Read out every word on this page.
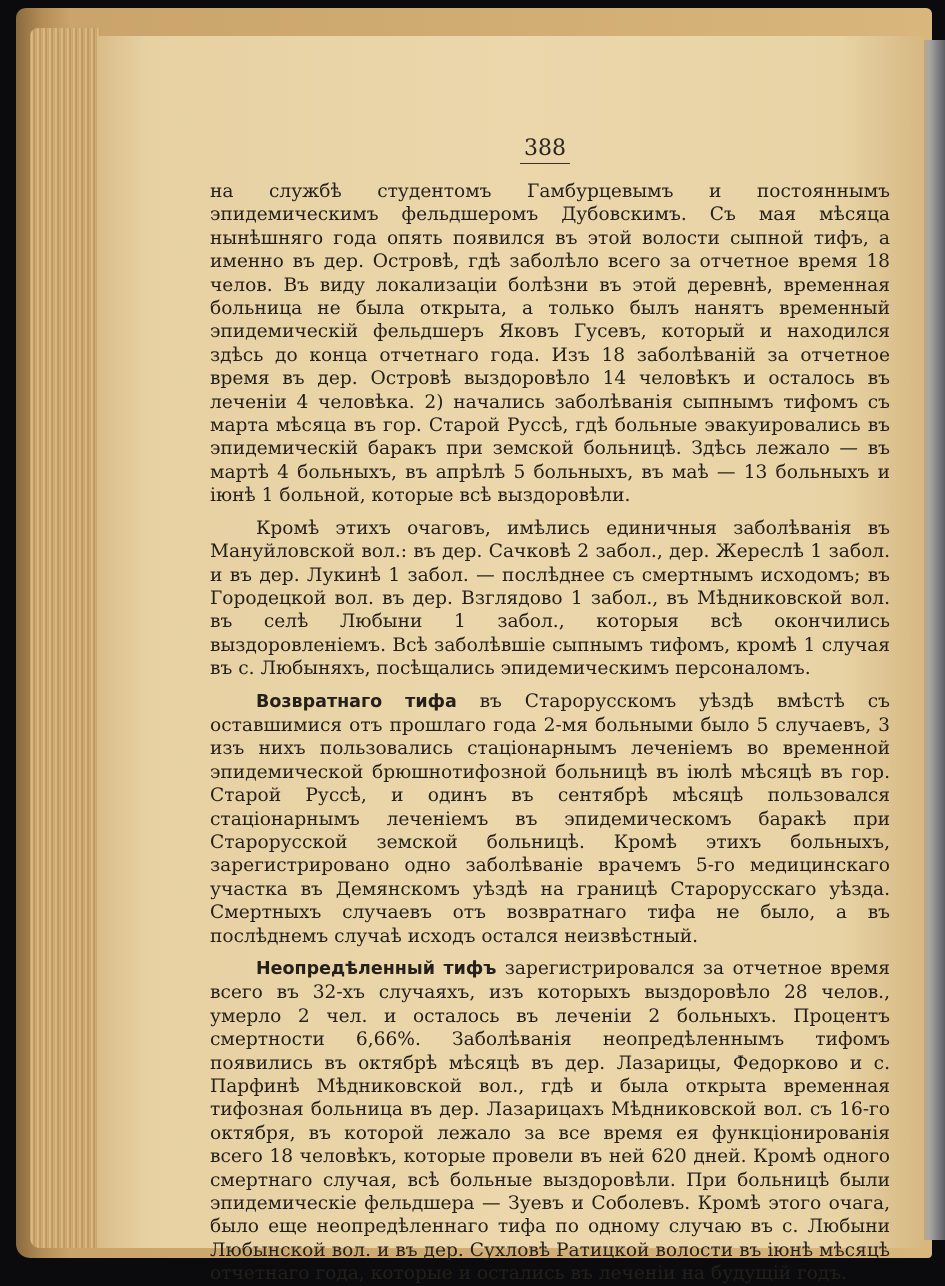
388

на службѣ студентомъ Гамбурцевымъ и постояннымъ эпидемическимъ фельдшеромъ Дубовскимъ. Съ мая мѣсяца нынѣшняго года опять появился въ этой волости сыпной тифъ, а именно въ дер. Островѣ, гдѣ заболѣло всего за отчетное время 18 челов. Въ виду локализаціи болѣзни въ этой деревнѣ, временная больница не была открыта, а только былъ нанятъ временный эпидемическій фельдшеръ Яковъ Гусевъ, который и находился здѣсь до конца отчетнаго года. Изъ 18 заболѣваній за отчетное время въ дер. Островѣ выздоровѣло 14 человѣкъ и осталось въ леченіи 4 человѣка. 2) начались заболѣванія сыпнымъ тифомъ съ марта мѣсяца въ гор. Старой Руссѣ, гдѣ больные эвакуировались въ эпидемическій баракъ при земской больницѣ. Здѣсь лежало — въ мартѣ 4 больныхъ, въ апрѣлѣ 5 больныхъ, въ маѣ — 13 больныхъ и іюнѣ 1 больной, которые всѣ выздоровѣли.

Кромѣ этихъ очаговъ, имѣлись единичныя заболѣванія въ Мануйловской вол.: въ дер. Сачковѣ 2 забол., дер. Жереслѣ 1 забол. и въ дер. Лукинѣ 1 забол. — послѣднее съ смертнымъ исходомъ; въ Городецкой вол. въ дер. Взглядово 1 забол., въ Мѣдниковской вол. въ селѣ Любыни 1 забол., которыя всѣ окончились выздоровленіемъ. Всѣ заболѣвшіе сыпнымъ тифомъ, кромѣ 1 случая въ с. Любыняхъ, посѣщались эпидемическимъ персоналомъ.

Возвратнаго тифа въ Старорусскомъ уѣздѣ вмѣстѣ съ оставшимися отъ прошлаго года 2-мя больными было 5 случаевъ, 3 изъ нихъ пользовались стаціонарнымъ леченіемъ во временной эпидемической брюшнотифозной больницѣ въ іюлѣ мѣсяцѣ въ гор. Старой Руссѣ, и одинъ въ сентябрѣ мѣсяцѣ пользовался стаціонарнымъ леченіемъ въ эпидемическомъ баракѣ при Старорусской земской больницѣ. Кромѣ этихъ больныхъ, зарегистрировано одно заболѣваніе врачемъ 5-го медицинскаго участка въ Демянскомъ уѣздѣ на границѣ Старорусскаго уѣзда. Смертныхъ случаевъ отъ возвратнаго тифа не было, а въ послѣднемъ случаѣ исходъ остался неизвѣстный.

Неопредѣленный тифъ зарегистрировался за отчетное время всего въ 32-хъ случаяхъ, изъ которыхъ выздоровѣло 28 челов., умерло 2 чел. и осталось въ леченіи 2 больныхъ. Процентъ смертности 6,66%. Заболѣванія неопредѣленнымъ тифомъ появились въ октябрѣ мѣсяцѣ въ дер. Лазарицы, Федорково и с. Парфинѣ Мѣдниковской вол., гдѣ и была открыта временная тифозная больница въ дер. Лазарицахъ Мѣдниковской вол. съ 16-го октября, въ которой лежало за все время ея функціонированія всего 18 человѣкъ, которые провели въ ней 620 дней. Кромѣ одного смертнаго случая, всѣ больные выздоровѣли. При больницѣ были эпидемическіе фельдшера — Зуевъ и Соболевъ. Кромѣ этого очага, было еще неопредѣленнаго тифа по одному случаю въ с. Любыни Любынской вол. и въ дер. Сухловѣ Ратицкой волости въ іюнѣ мѣсяцѣ отчетнаго года, которые и остались въ леченіи на будущій годъ.
